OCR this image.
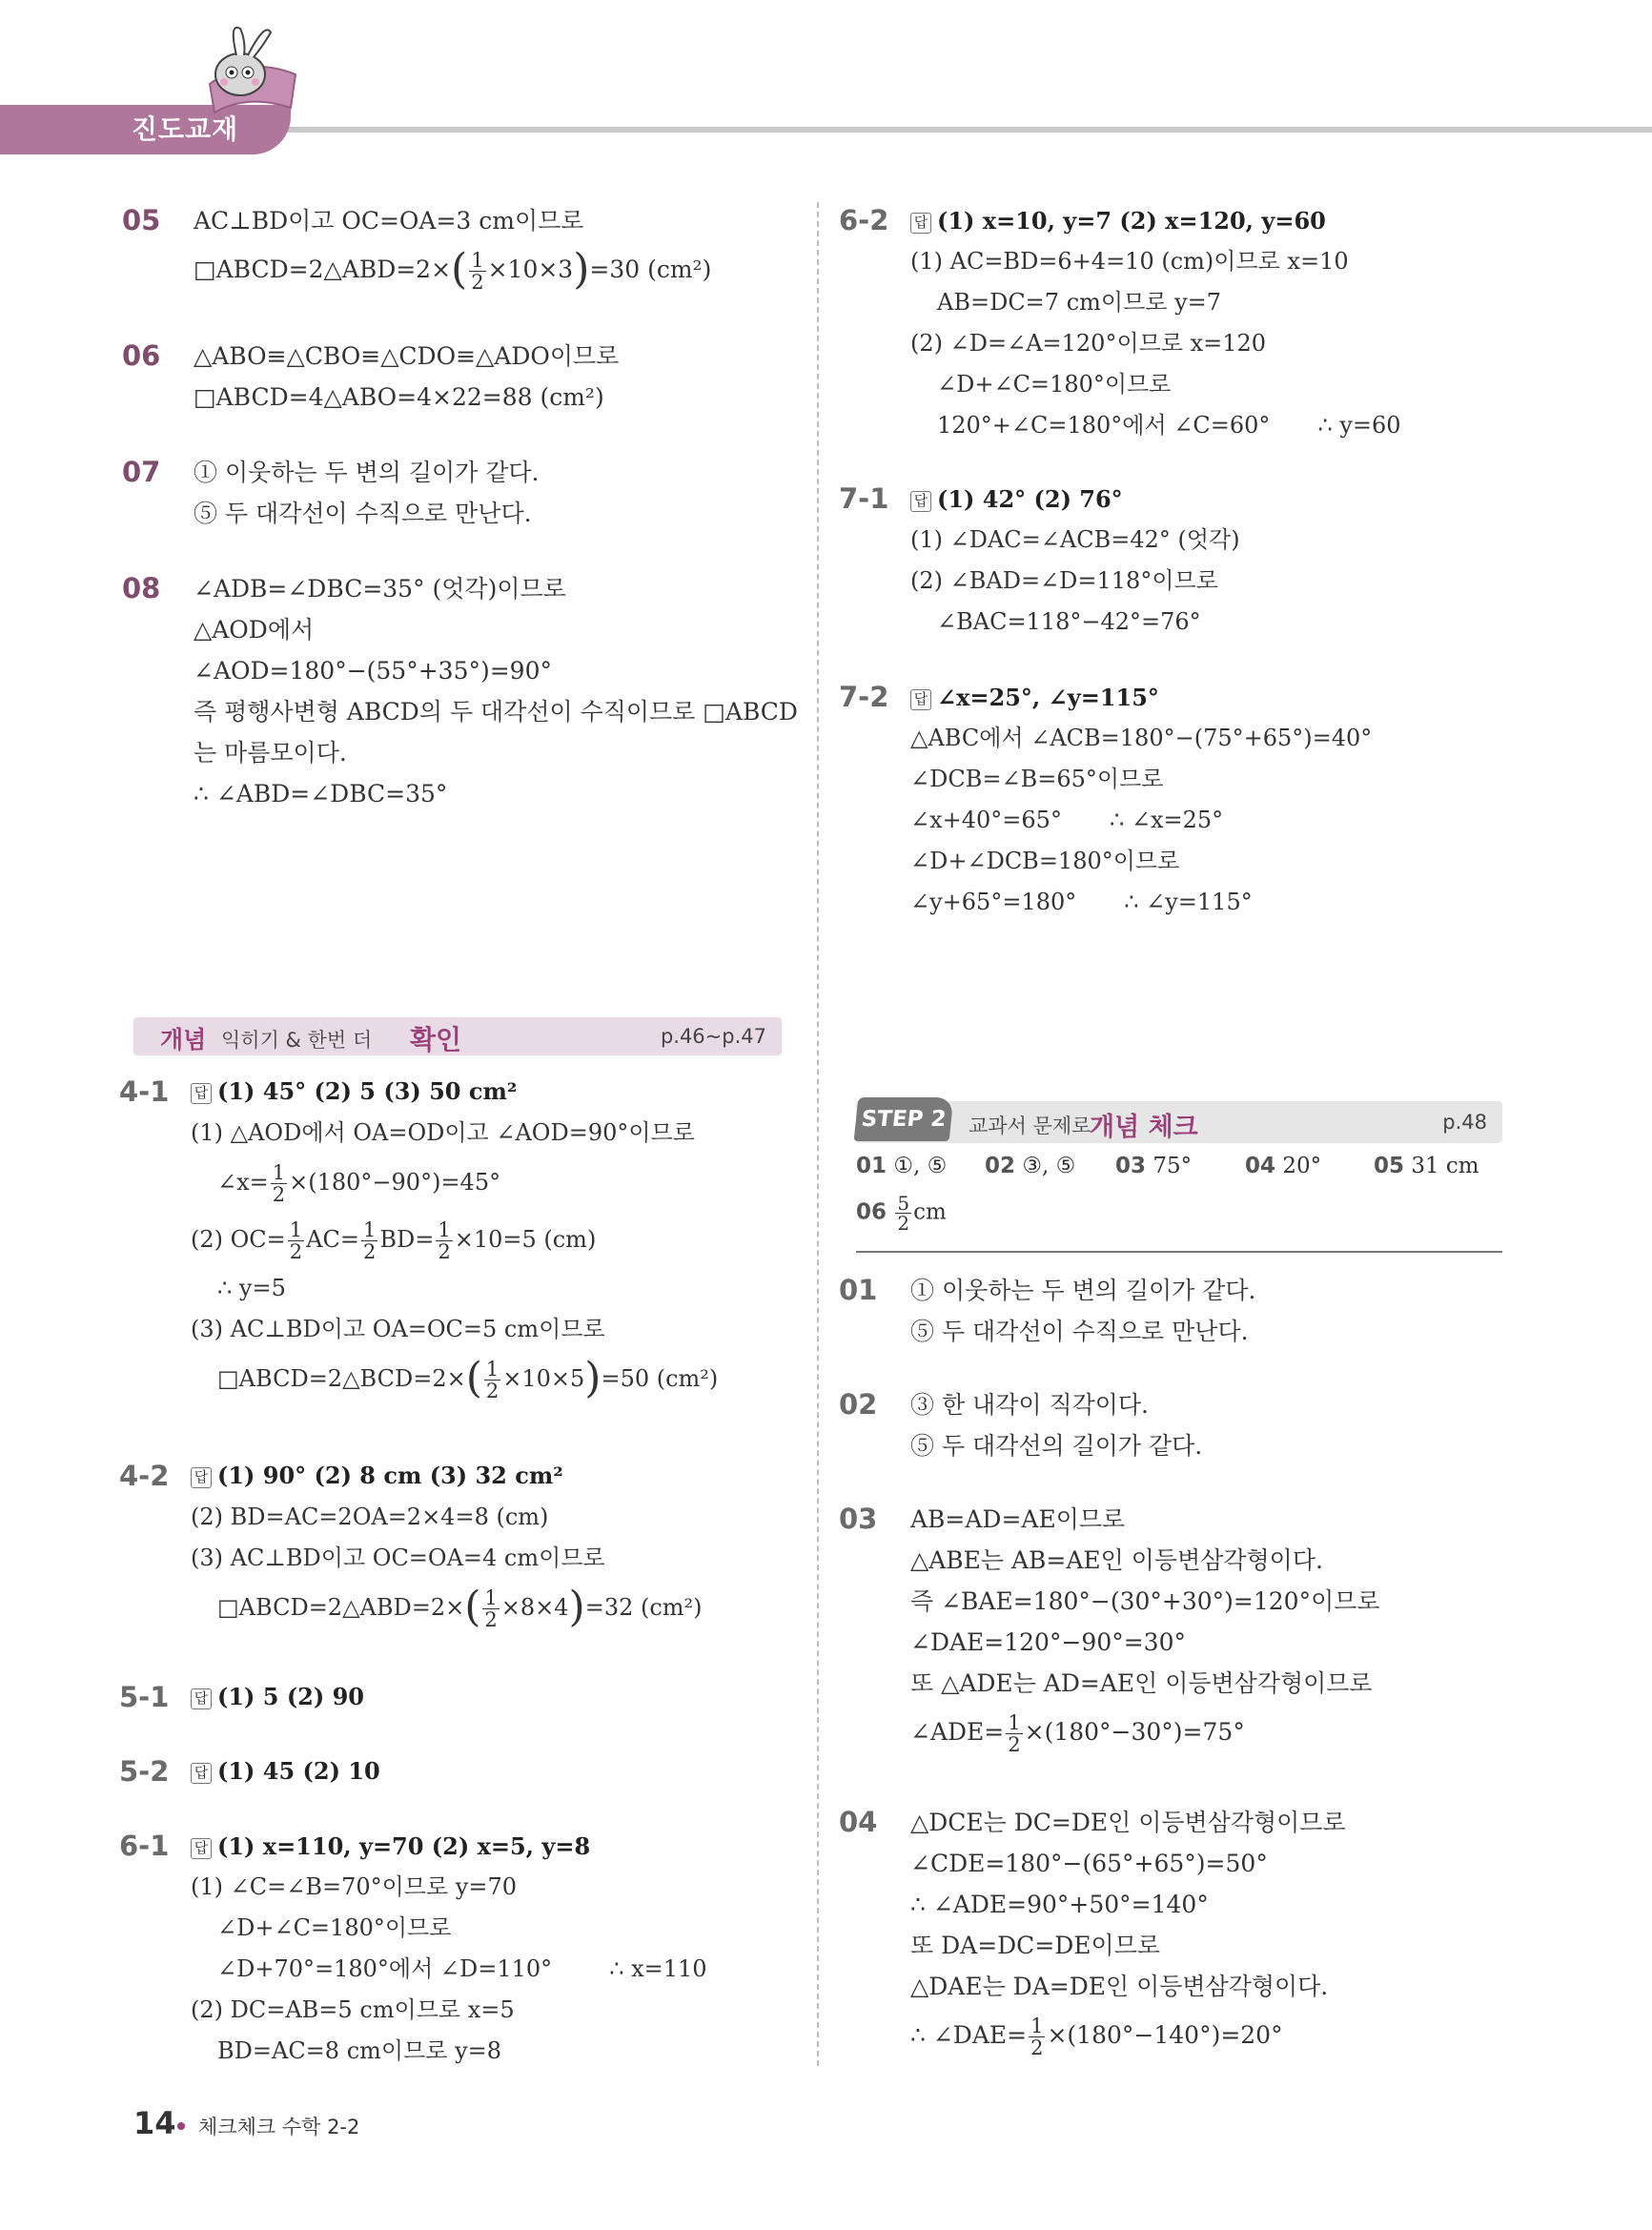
진도교재
05 AC⊥BD이고 OC=OA=3 cm이므로
□ABCD=2△ABD=2×( $\frac{1}{2} \times 10\times 3)=30$ (cm²)
06 △ABO≡△CBO≡△CDO≡△ADO이므로
□ABCD=4△ABO=4×22=88 (cm²)
07 ① 이웃하는 두 변의 길이가 같다.
⑤ 두 대각선이 수직으로 만난다.
08 ∠ADB=∠DBC=35° (엇각)이므로
△AOD에서
∠AOD=180°−(55°+35°)=90°
즉 평행사변형 ABCD의 두 대각선이 수직이므로 □ABCD
는 마름모이다.
∴ ∠ABD=∠DBC=35°
개념 익히기 & 한번 더 확인	p.46~p.47
4-1 답 (1) 45° (2) 5 (3) 50 cm²
(1) △AOD에서 OA=OD이고 ∠AOD=90°이므로
∠x= $\frac{1}{2} \times(180^\circ-90^\circ)=45^\circ$
(2) $OC= \frac{1}{2} AC= \frac{1}{2} BD= \frac{1}{2} \times 10=5$ (cm)
∴ y=5
(3) AC⊥BD이고 OA=OC=5 cm이므로
□ABCD=2△BCD=2×( $\frac{1}{2} \times 10\times 5)=50$ (cm²)
4-2 답 (1) 90° (2) 8 cm (3) 32 cm²
(2) BD=AC=2OA=2×4=8 (cm)
(3) AC⊥BD이고 OC=OA=4 cm이므로
□ABCD=2△ABD=2×( $\frac{1}{2} \times 8\times 4)=32$ (cm²)
5-1 답 (1) 5 (2) 90
5-2 답 (1) 45 (2) 10
6-1 답 (1) x=110, y=70 (2) x=5, y=8
(1) ∠C=∠B=70°이므로 y=70
∠D+∠C=180°이므로
∠D+70°=180°에서 ∠D=110°	∴ x=110
(2) DC=AB=5 cm이므로 x=5
BD=AC=8 cm이므로 y=8
6-2 답 (1) x=10, y=7 (2) x=120, y=60
(1) AC=BD=6+4=10 (cm)이므로 x=10
AB=DC=7 cm이므로 y=7
(2) ∠D=∠A=120°이므로 x=120
∠D+∠C=180°이므로
120°+∠C=180°에서 ∠C=60° ∴ y=60
7-1 답 (1) 42° (2) 76°
(1) ∠DAC=∠ACB=42° (엇각)
(2) ∠BAD=∠D=118°이므로
∠BAC=118°−42°=76°
7-2 답 ∠x=25°, ∠y=115°
△ABC에서 ∠ACB=180°−(75°+65°)=40°
∠DCB=∠B=65°이므로
∠x+40°=65° ∴ ∠x=25°
∠D+∠DCB=180°이므로
∠y+65°=180° ∴ ∠y=115°
STEP 2	교과서 문제로
개념 체크	p.48
01 ①, ⑤ 02 ③, ⑤ 03 75° 04 20° 05 31 cm
$06 \frac{5}{2}$ cm
01 ① 이웃하는 두 변의 길이가 같다.
⑤ 두 대각선이 수직으로 만난다.
02 ③ 한 내각이 직각이다.
⑤ 두 대각선의 길이가 같다.
03 AB=AD=AE이므로
△ABE는 AB=AE인 이등변삼각형이다.
즉 ∠BAE=180°−(30°+30°)=120°이므로
∠DAE=120°−90°=30°
또 △ADE는 AD=AE인 이등변삼각형이므로
∠ADE= $\frac{1}{2} \times(180^\circ-30^\circ)=75^\circ$
04 △DCE는 DC=DE인 이등변삼각형이므로
∠CDE=180°−(65°+65°)=50°
∴ ∠ADE=90°+50°=140°
또 DA=DC=DE이므로
△DAE는 DA=DE인 이등변삼각형이다.
∴ ∠DAE= $\frac{1}{2} \times(180^\circ-140^\circ)=20^\circ$
14 체크체크 수학 2-2
